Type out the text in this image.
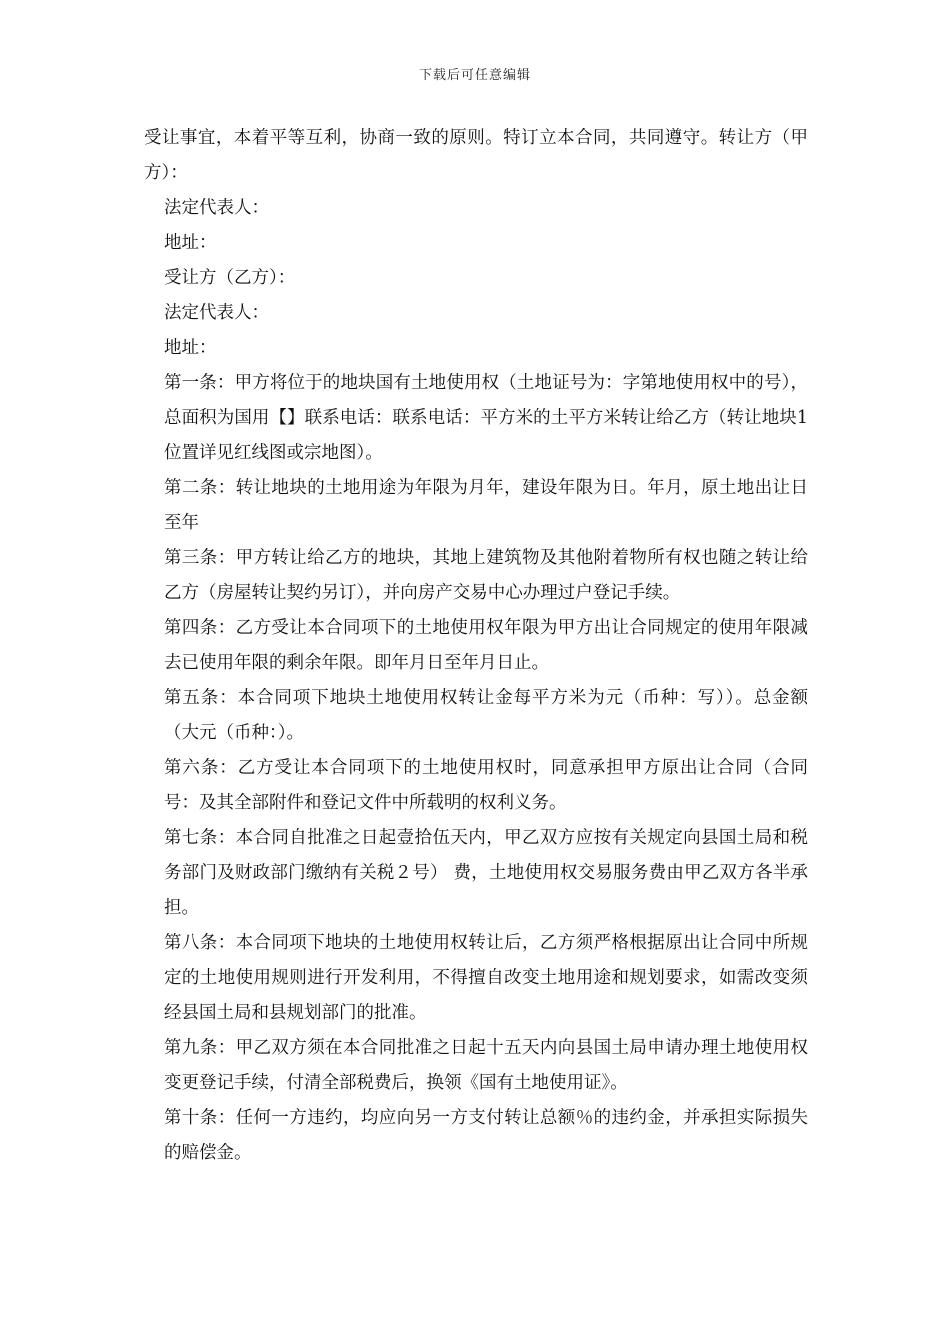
下载后可任意编辑

受让事宜，本着平等互利，协商一致的原则。特订立本合同，共同遵守。转让方（甲方）：

法定代表人：

地址：

受让方（乙方）：

法定代表人：

地址：

第一条：甲方将位于的地块国有土地使用权（土地证号为：字第地使用权中的号），总面积为国用【】联系电话：联系电话：平方米的土平方米转让给乙方（转让地块1 位置详见红线图或宗地图）。

第二条：转让地块的土地用途为年限为月年，建设年限为日。年月，原土地出让日至年

第三条：甲方转让给乙方的地块，其地上建筑物及其他附着物所有权也随之转让给乙方（房屋转让契约另订），并向房产交易中心办理过户登记手续。

第四条：乙方受让本合同项下的土地使用权年限为甲方出让合同规定的使用年限减去已使用年限的剩余年限。即年月日至年月日止。

第五条：本合同项下地块土地使用权转让金每平方米为元（币种：写））。总金额（大元（币种：）。

第六条：乙方受让本合同项下的土地使用权时，同意承担甲方原出让合同（合同号：及其全部附件和登记文件中所载明的权利义务。

第七条：本合同自批准之日起壹拾伍天内，甲乙双方应按有关规定向县国土局和税务部门及财政部门缴纳有关税２号） 费，土地使用权交易服务费由甲乙双方各半承担。

第八条：本合同项下地块的土地使用权转让后，乙方须严格根据原出让合同中所规定的土地使用规则进行开发利用，不得擅自改变土地用途和规划要求，如需改变须经县国土局和县规划部门的批准。

第九条：甲乙双方须在本合同批准之日起十五天内向县国土局申请办理土地使用权变更登记手续，付清全部税费后，换领《国有土地使用证》。

第十条：任何一方违约，均应向另一方支付转让总额％的违约金，并承担实际损失的赔偿金。
